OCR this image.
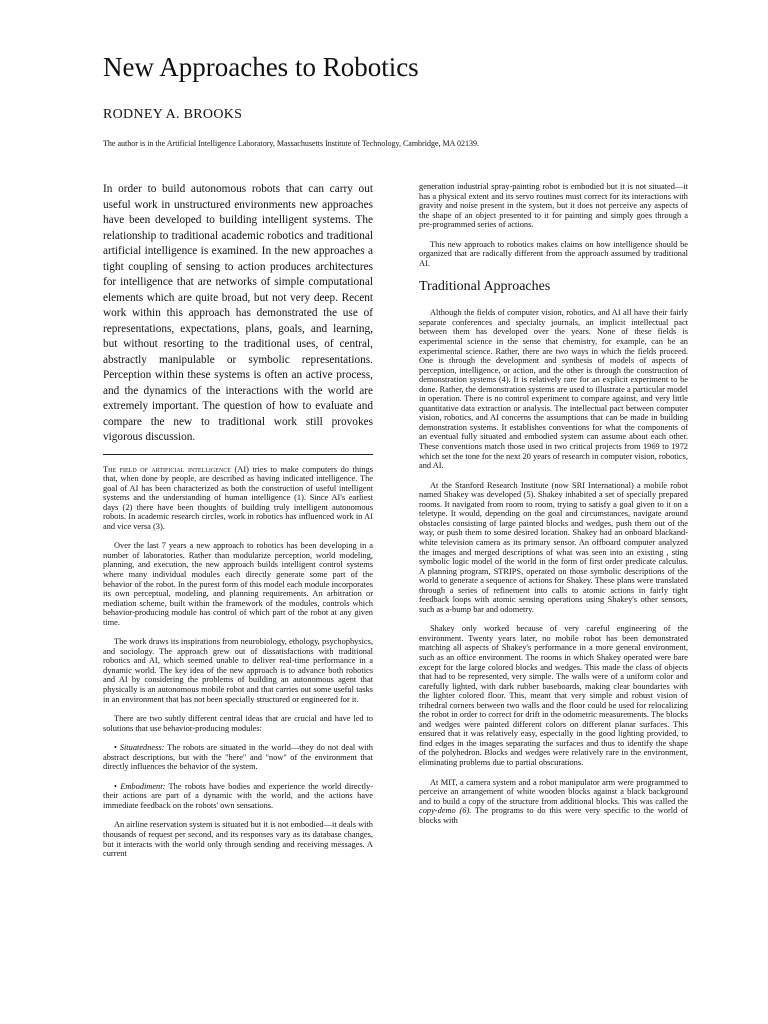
New Approaches to Robotics
RODNEY A. BROOKS
The author is in the Artificial Intelligence Laboratory, Massachusetts Institute of Technology, Cambridge, MA 02139.

In order to build autonomous robots that can carry out useful work in unstructured environments new approaches have been developed to building intelligent systems. The relationship to traditional academic robotics and traditional artificial intelligence is examined. In the new approaches a tight coupling of sensing to action produces architectures for intelligence that are networks of simple computational elements which are quite broad, but not very deep. Recent work within this approach has demonstrated the use of representations, expectations, plans, goals, and learning, but without resorting to the traditional uses, of central, abstractly manipulable or symbolic representations. Perception within these systems is often an active process, and the dynamics of the interactions with the world are extremely important. The question of how to evaluate and compare the new to traditional work still provokes vigorous discussion.

The field of artificial intelligence (AI) tries to make computers do things that, when done by people, are described as having indicated intelligence. The goal of AI has been characterized as both the construction of useful intelligent systems and the understanding of human intelligence (1). Since AI's earliest days (2) there have been thoughts of building truly intelligent autonomous robots. In academic research circles, work in robotics has influenced work in AI and vice versa (3).

Over the last 7 years a new approach to robotics has been developing in a number of laboratories. Rather than modularize perception, world modeling, planning, and execution, the new approach builds intelligent control systems where many individual modules each directly generate some part of the behavior of the robot. In the purest form of this model each module incorporates its own perceptual, modeling, and planning requirements. An arbitration or mediation scheme, built within the framework of the modules, controls which behavior-producing module has control of which part of the robot at any given time.

The work draws its inspirations from neurobiology, ethology, psychophysics, and sociology. The approach grew out of dissatisfactions with traditional robotics and AI, which seemed unable to deliver real-time performance in a dynamic world. The key idea of the new approach is to advance both robotics and AI by considering the problems of building an autonomous agent that physically is an autonomous mobile robot and that carries out some useful tasks in an environment that has not been specially structured or engineered for it.

There are two subtly different central ideas that are crucial and have led to solutions that use behavior-producing modules:

• Situatedness: The robots are situated in the world—they do not deal with abstract descriptions, but with the "here" and "now" of the environment that directly influences the behavior of the system.

• Embodiment: The robots have bodies and experience the world directly-their actions are part of a dynamic with the world, and the actions have immediate feedback on the robots' own sensations.

An airline reservation system is situated but it is not embodied—it deals with thousands of request per second, and its responses vary as its database changes, but it interacts with the world only through sending and receiving messages. A current

generation industrial spray-painting robot is embodied but it is not situated—it has a physical extent and its servo routines must correct for its interactions with gravity and noise present in the system, but it does not perceive any aspects of the shape of an object presented to it for painting and simply goes through a pre-programmed series of actions.

This new approach to robotics makes claims on how intelligence should be organized that are radically different from the approach assumed by traditional AI.

Traditional Approaches

Although the fields of computer vision, robotics, and AI all have their fairly separate conferences and specialty journals, an implicit intellectual pact between them has developed over the years. None of these fields is experimental science in the sense that chemistry, for example, can be an experimental science. Rather, there are two ways in which the fields proceed. One is through the development and synthesis of models of aspects of perception, intelligence, or action, and the other is through the construction of demonstration systems (4). It is relatively rare for an explicit experiment to be done. Rather, the demonstration systems are used to illustrate a particular model in operation. There is no control experiment to compare against, and very little quantitative data extraction or analysis. The intellectual pact between computer vision, robotics, and AI concerns the assumptions that can be made in building demonstration systems. It establishes conventions for what the components of an eventual fully situated and embodied system can assume about each other. These conventions match those used in two critical projects from 1969 to 1972 which set the tone for the next 20 years of research in computer vision, robotics, and AI.

At the Stanford Research Institute (now SRI International) a mobile robot named Shakey was developed (5). Shakey inhabited a set of specially prepared rooms. It navigated from room to room, trying to satisfy a goal given to it on a teletype. It would, depending on the goal and circumstances, navigate around obstacles consisting of large painted blocks and wedges, push them out of the way, or push them to some desired location. Shakey had an onboard blackand-white television camera as its primary sensor. An offboard computer analyzed the images and merged descriptions of what was seen into an existing , sting symbolic logic model of the world in the form of first order predicate calculus. A planning program, STRIPS, operated on those symbolic descriptions of the world to generate a sequence of actions for Shakey. These plans were translated through a series of refinement into calls to atomic actions in fairly tight feedback loops with atomic sensing operations using Shakey's other sensors, such as a-bump bar and odometry.

Shakey only worked because of very careful engineering of the environment. Twenty years later, no mobile robot has been demonstrated matching all aspects of Shakey's performance in a more general environment, such as an office environment. The rooms in which Shakey operated were bare except for the large colored blocks and wedges. This made the class of objects that had to be represented, very simple. The walls were of a uniform color and carefully lighted, with dark rubber baseboards, making clear boundaries with the lighter colored floor. This, meant that very simple and robust vision of trihedral corners between two walls and the floor could be used for relocalizing the robot in order to correct for drift in the odometric measurements. The blocks and wedges were painted different colors on different planar surfaces. This ensured that it was relatively easy, especially in the good lighting provided, to find edges in the images separating the surfaces and thus to identify the shape of the polyhedron. Blocks and wedges were relatively rare in the environment, eliminating problems due to partial obscurations.

At MIT, a camera system and a robot manipulator arm were programmed to perceive an arrangement of white wooden blocks against a black background and to build a copy of the structure from additional blocks. This was called the copy-demo (6). The programs to do this were very specific to the world of blocks with
